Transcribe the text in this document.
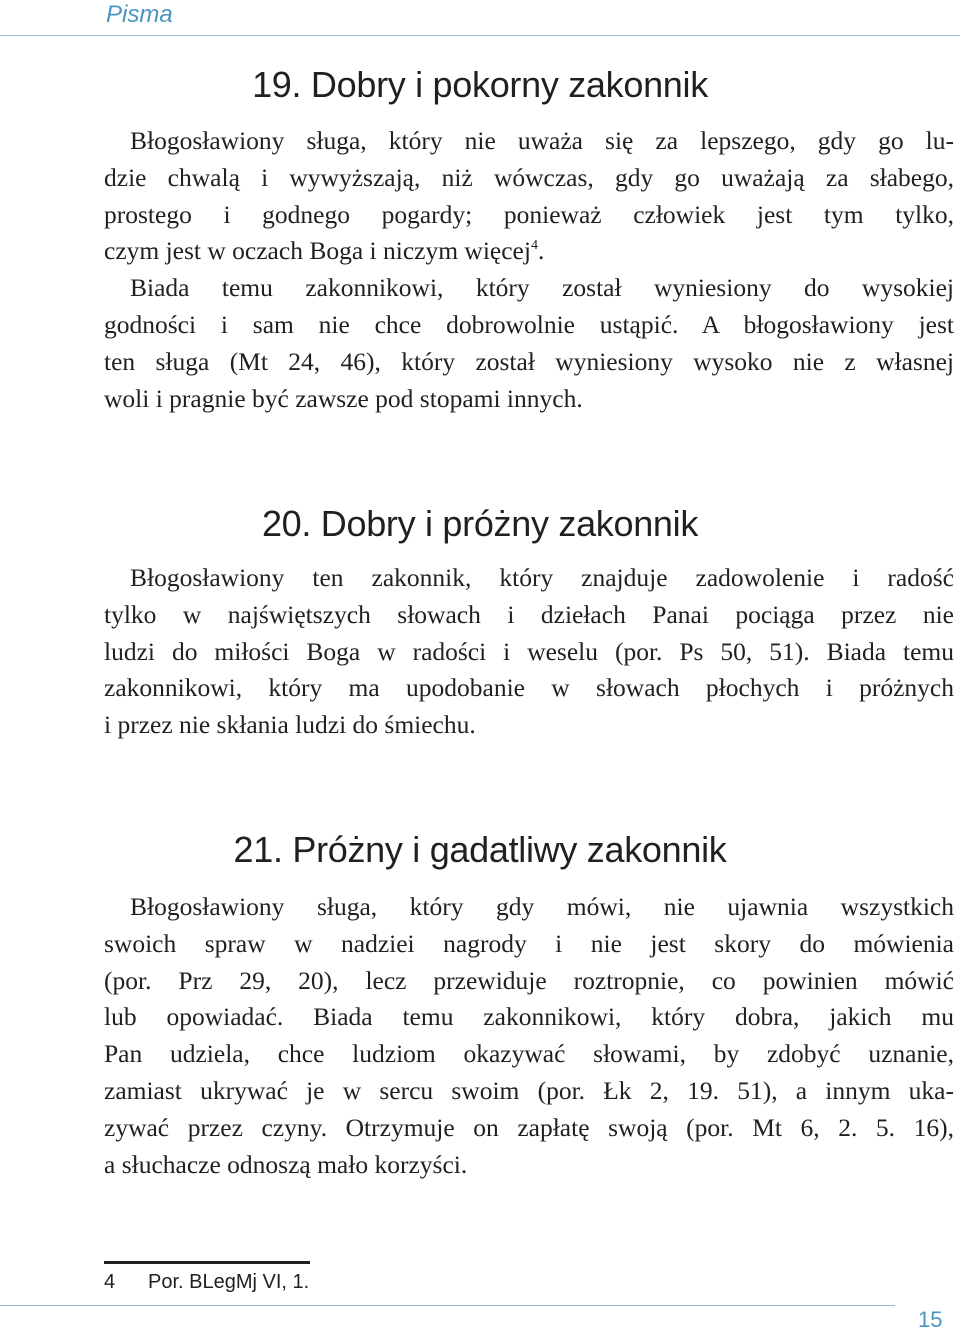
Pisma
19. Dobry i pokorny zakonnik
Błogosławiony sługa, który nie uważa się za lepszego, gdy go lu-
dzie chwalą i wywyższają, niż wówczas, gdy go uważają za słabego,
prostego i godnego pogardy; ponieważ człowiek jest tym tylko,
czym jest w oczach Boga i niczym więcej$^4$.
Biada temu zakonnikowi, który został wyniesiony do wysokiej
godności i sam nie chce dobrowolnie ustąpić. A błogosławiony jest
ten sługa (Mt 24, 46), który został wyniesiony wysoko nie z własnej
woli i pragnie być zawsze pod stopami innych.
20. Dobry i próżny zakonnik
Błogosławiony ten zakonnik, który znajduje zadowolenie i radość
tylko w najświętszych słowach i dziełach Panai pociąga przez nie
ludzi do miłości Boga w radości i weselu (por. Ps 50, 51). Biada temu
zakonnikowi, który ma upodobanie w słowach płochych i próżnych
i przez nie skłania ludzi do śmiechu.
21. Próżny i gadatliwy zakonnik
Błogosławiony sługa, który gdy mówi, nie ujawnia wszystkich
swoich spraw w nadziei nagrody i nie jest skory do mówienia
(por. Prz 29, 20), lecz przewiduje roztropnie, co powinien mówić
lub opowiadać. Biada temu zakonnikowi, który dobra, jakich mu
Pan udziela, chce ludziom okazywać słowami, by zdobyć uznanie,
zamiast ukrywać je w sercu swoim (por. Łk 2, 19. 51), a innym uka-
zywać przez czyny. Otrzymuje on zapłatę swoją (por. Mt 6, 2. 5. 16),
a słuchacze odnoszą mało korzyści.
4 Por. BLegMj VI, 1.
15
